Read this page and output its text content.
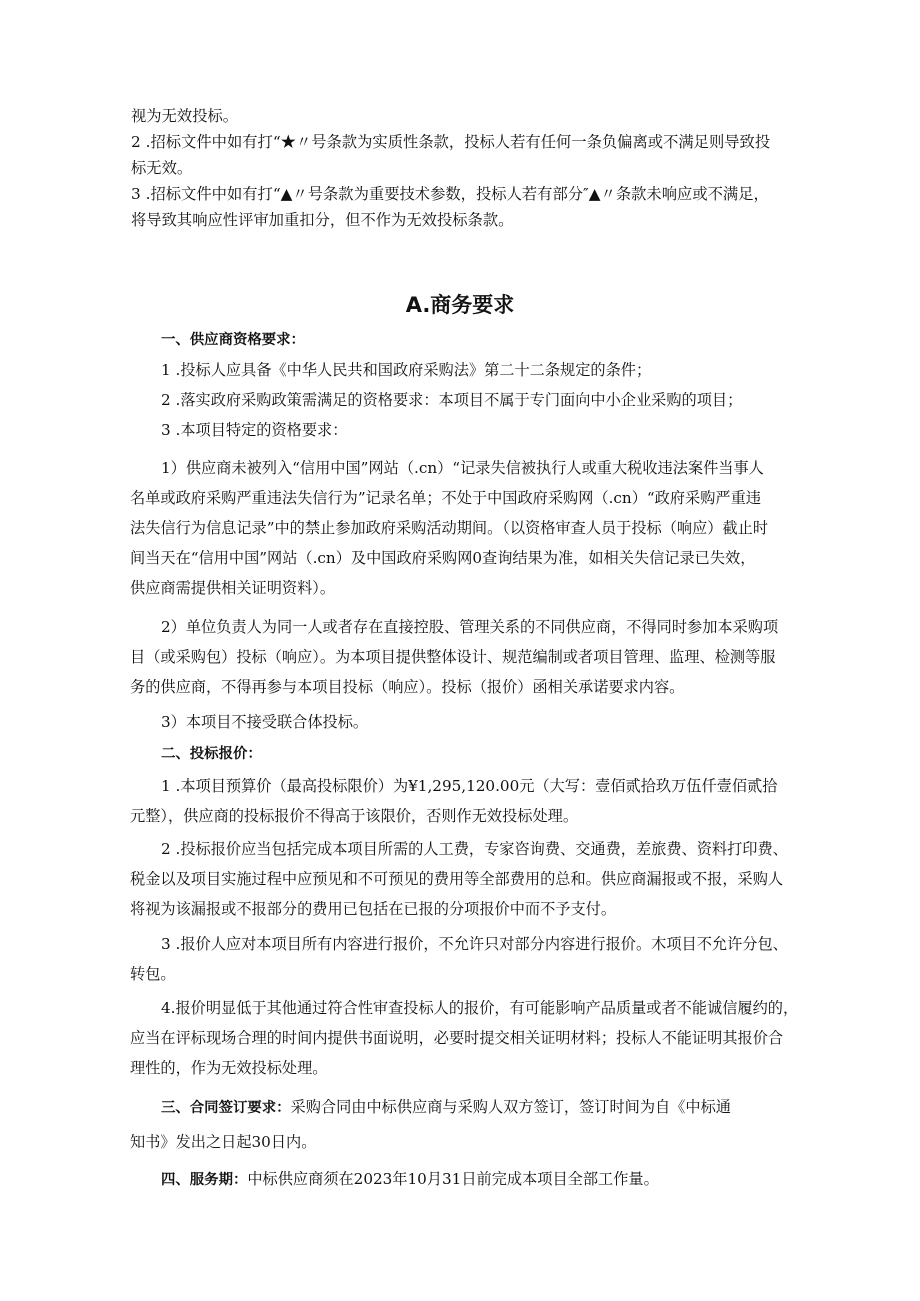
视为无效投标。
2 .招标文件中如有打“★〃号条款为实质性条款，投标人若有任何一条负偏离或不满足则导致投
标无效。
3 .招标文件中如有打“▲〃号条款为重要技术参数，投标人若有部分″▲〃条款未响应或不满足，
将导致其响应性评审加重扣分，但不作为无效投标条款。
A.商务要求
一、供应商资格要求：
1 .投标人应具备《中华人民共和国政府采购法》第二十二条规定的条件；
2 .落实政府采购政策需满足的资格要求：本项目不属于专门面向中小企业采购的项目；
3 .本项目特定的资格要求：
1）供应商未被列入“信用中国”网站（.cn）“记录失信被执行人或重大税收违法案件当事人
名单或政府采购严重违法失信行为”记录名单；不处于中国政府采购网（.cn）“政府采购严重违
法失信行为信息记录”中的禁止参加政府采购活动期间。（以资格审查人员于投标（响应）截止时
间当天在“信用中国”网站（.cn）及中国政府采购网0查询结果为准，如相关失信记录已失效，
供应商需提供相关证明资料）。
2）单位负责人为同一人或者存在直接控股、管理关系的不同供应商，不得同时参加本采购项
目（或采购包）投标（响应）。为本项目提供整体设计、规范编制或者项目管理、监理、检测等服
务的供应商，不得再参与本项目投标（响应）。投标（报价）函相关承诺要求内容。
3）本项目不接受联合体投标。
二、投标报价：
1 .本项目预算价（最高投标限价）为¥1,295,120.00元（大写：壹佰贰拾玖万伍仟壹佰贰拾
元整），供应商的投标报价不得高于该限价，否则作无效投标处理。
2 .投标报价应当包括完成本项目所需的人工费，专家咨询费、交通费，差旅费、资料打印费、
税金以及项目实施过程中应预见和不可预见的费用等全部费用的总和。供应商漏报或不报，采购人
将视为该漏报或不报部分的费用已包括在已报的分项报价中而不予支付。
3 .报价人应对本项目所有内容进行报价，不允许只对部分内容进行报价。木项目不允许分包、
转包。
4.报价明显低于其他通过符合性审查投标人的报价，有可能影响产品质量或者不能诚信履约的，
应当在评标现场合理的时间内提供书面说明，必要时提交相关证明材料；投标人不能证明其报价合
理性的，作为无效投标处理。
三、合同签订要求：采购合同由中标供应商与采购人双方签订，签订时间为自《中标通
知书》发出之日起30日内。
四、服务期：中标供应商须在2023年10月31日前完成本项目全部工作量。
